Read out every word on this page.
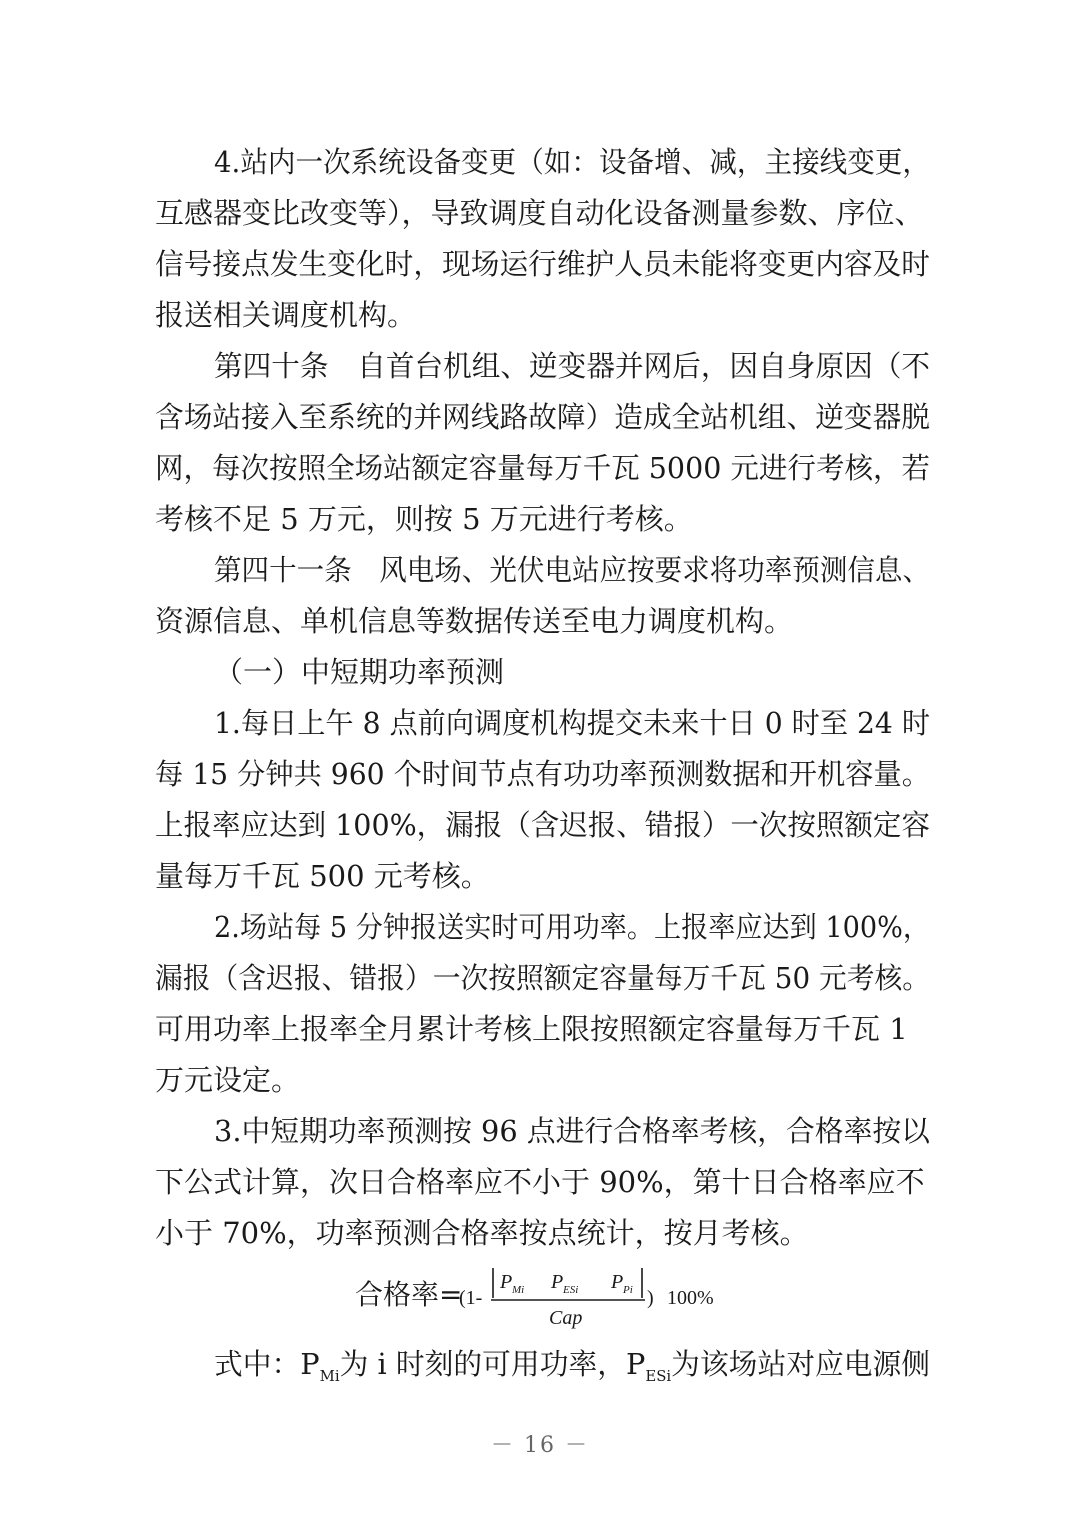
4.站内一次系统设备变更（如：设备增、减，主接线变更，
互感器变比改变等），导致调度自动化设备测量参数、序位、
信号接点发生变化时，现场运行维护人员未能将变更内容及时
报送相关调度机构。
第四十条　自首台机组、逆变器并网后，因自身原因（不
含场站接入至系统的并网线路故障）造成全站机组、逆变器脱
网，每次按照全场站额定容量每万千瓦 5000 元进行考核，若
考核不足 5 万元，则按 5 万元进行考核。
第四十一条　风电场、光伏电站应按要求将功率预测信息、
资源信息、单机信息等数据传送至电力调度机构。
（一）中短期功率预测
1.每日上午 8 点前向调度机构提交未来十日 0 时至 24 时
每 15 分钟共 960 个时间节点有功功率预测数据和开机容量。
上报率应达到 100%，漏报（含迟报、错报）一次按照额定容
量每万千瓦 500 元考核。
2.场站每 5 分钟报送实时可用功率。上报率应达到 100%，
漏报（含迟报、错报）一次按照额定容量每万千瓦 50 元考核。
可用功率上报率全月累计考核上限按照额定容量每万千瓦 1
万元设定。
3.中短期功率预测按 96 点进行合格率考核，合格率按以
下公式计算，次日合格率应不小于 90%，第十日合格率应不
小于 70%，功率预测合格率按点统计，按月考核。
合格率=
(1-
P Mi P ESi P Pi
Cap
) 100%
式中：$P_{Mi}$为 i 时刻的可用功率，$P_{ESi}$为该场站对应电源侧
－ 16 －
